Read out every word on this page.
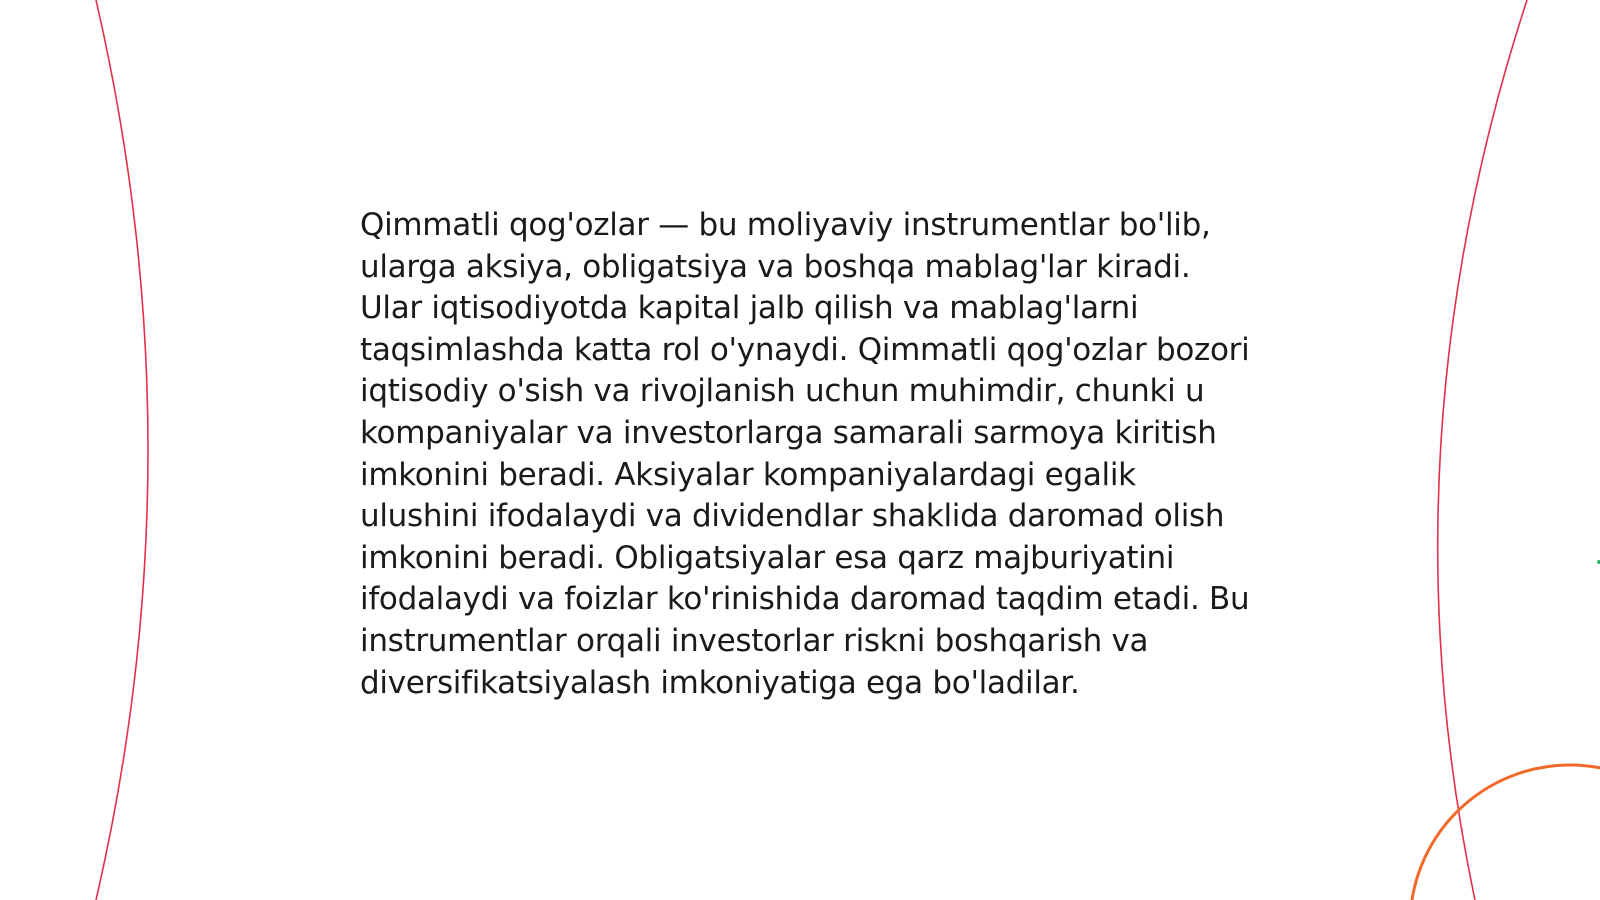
Qimmatli qog'ozlar — bu moliyaviy instrumentlar bo'lib, ularga aksiya, obligatsiya va boshqa mablag'lar kiradi. Ular iqtisodiyotda kapital jalb qilish va mablag'larni taqsimlashda katta rol o'ynaydi. Qimmatli qog'ozlar bozori iqtisodiy o'sish va rivojlanish uchun muhimdir, chunki u kompaniyalar va investorlarga samarali sarmoya kiritish imkonini beradi. Aksiyalar kompaniyalardagi egalik ulushini ifodalaydi va dividendlar shaklida daromad olish imkonini beradi. Obligatsiyalar esa qarz majburiyatini ifodalaydi va foizlar ko'rinishida daromad taqdim etadi. Bu instrumentlar orqali investorlar riskni boshqarish va diversifikatsiyalash imkoniyatiga ega bo'ladilar.
